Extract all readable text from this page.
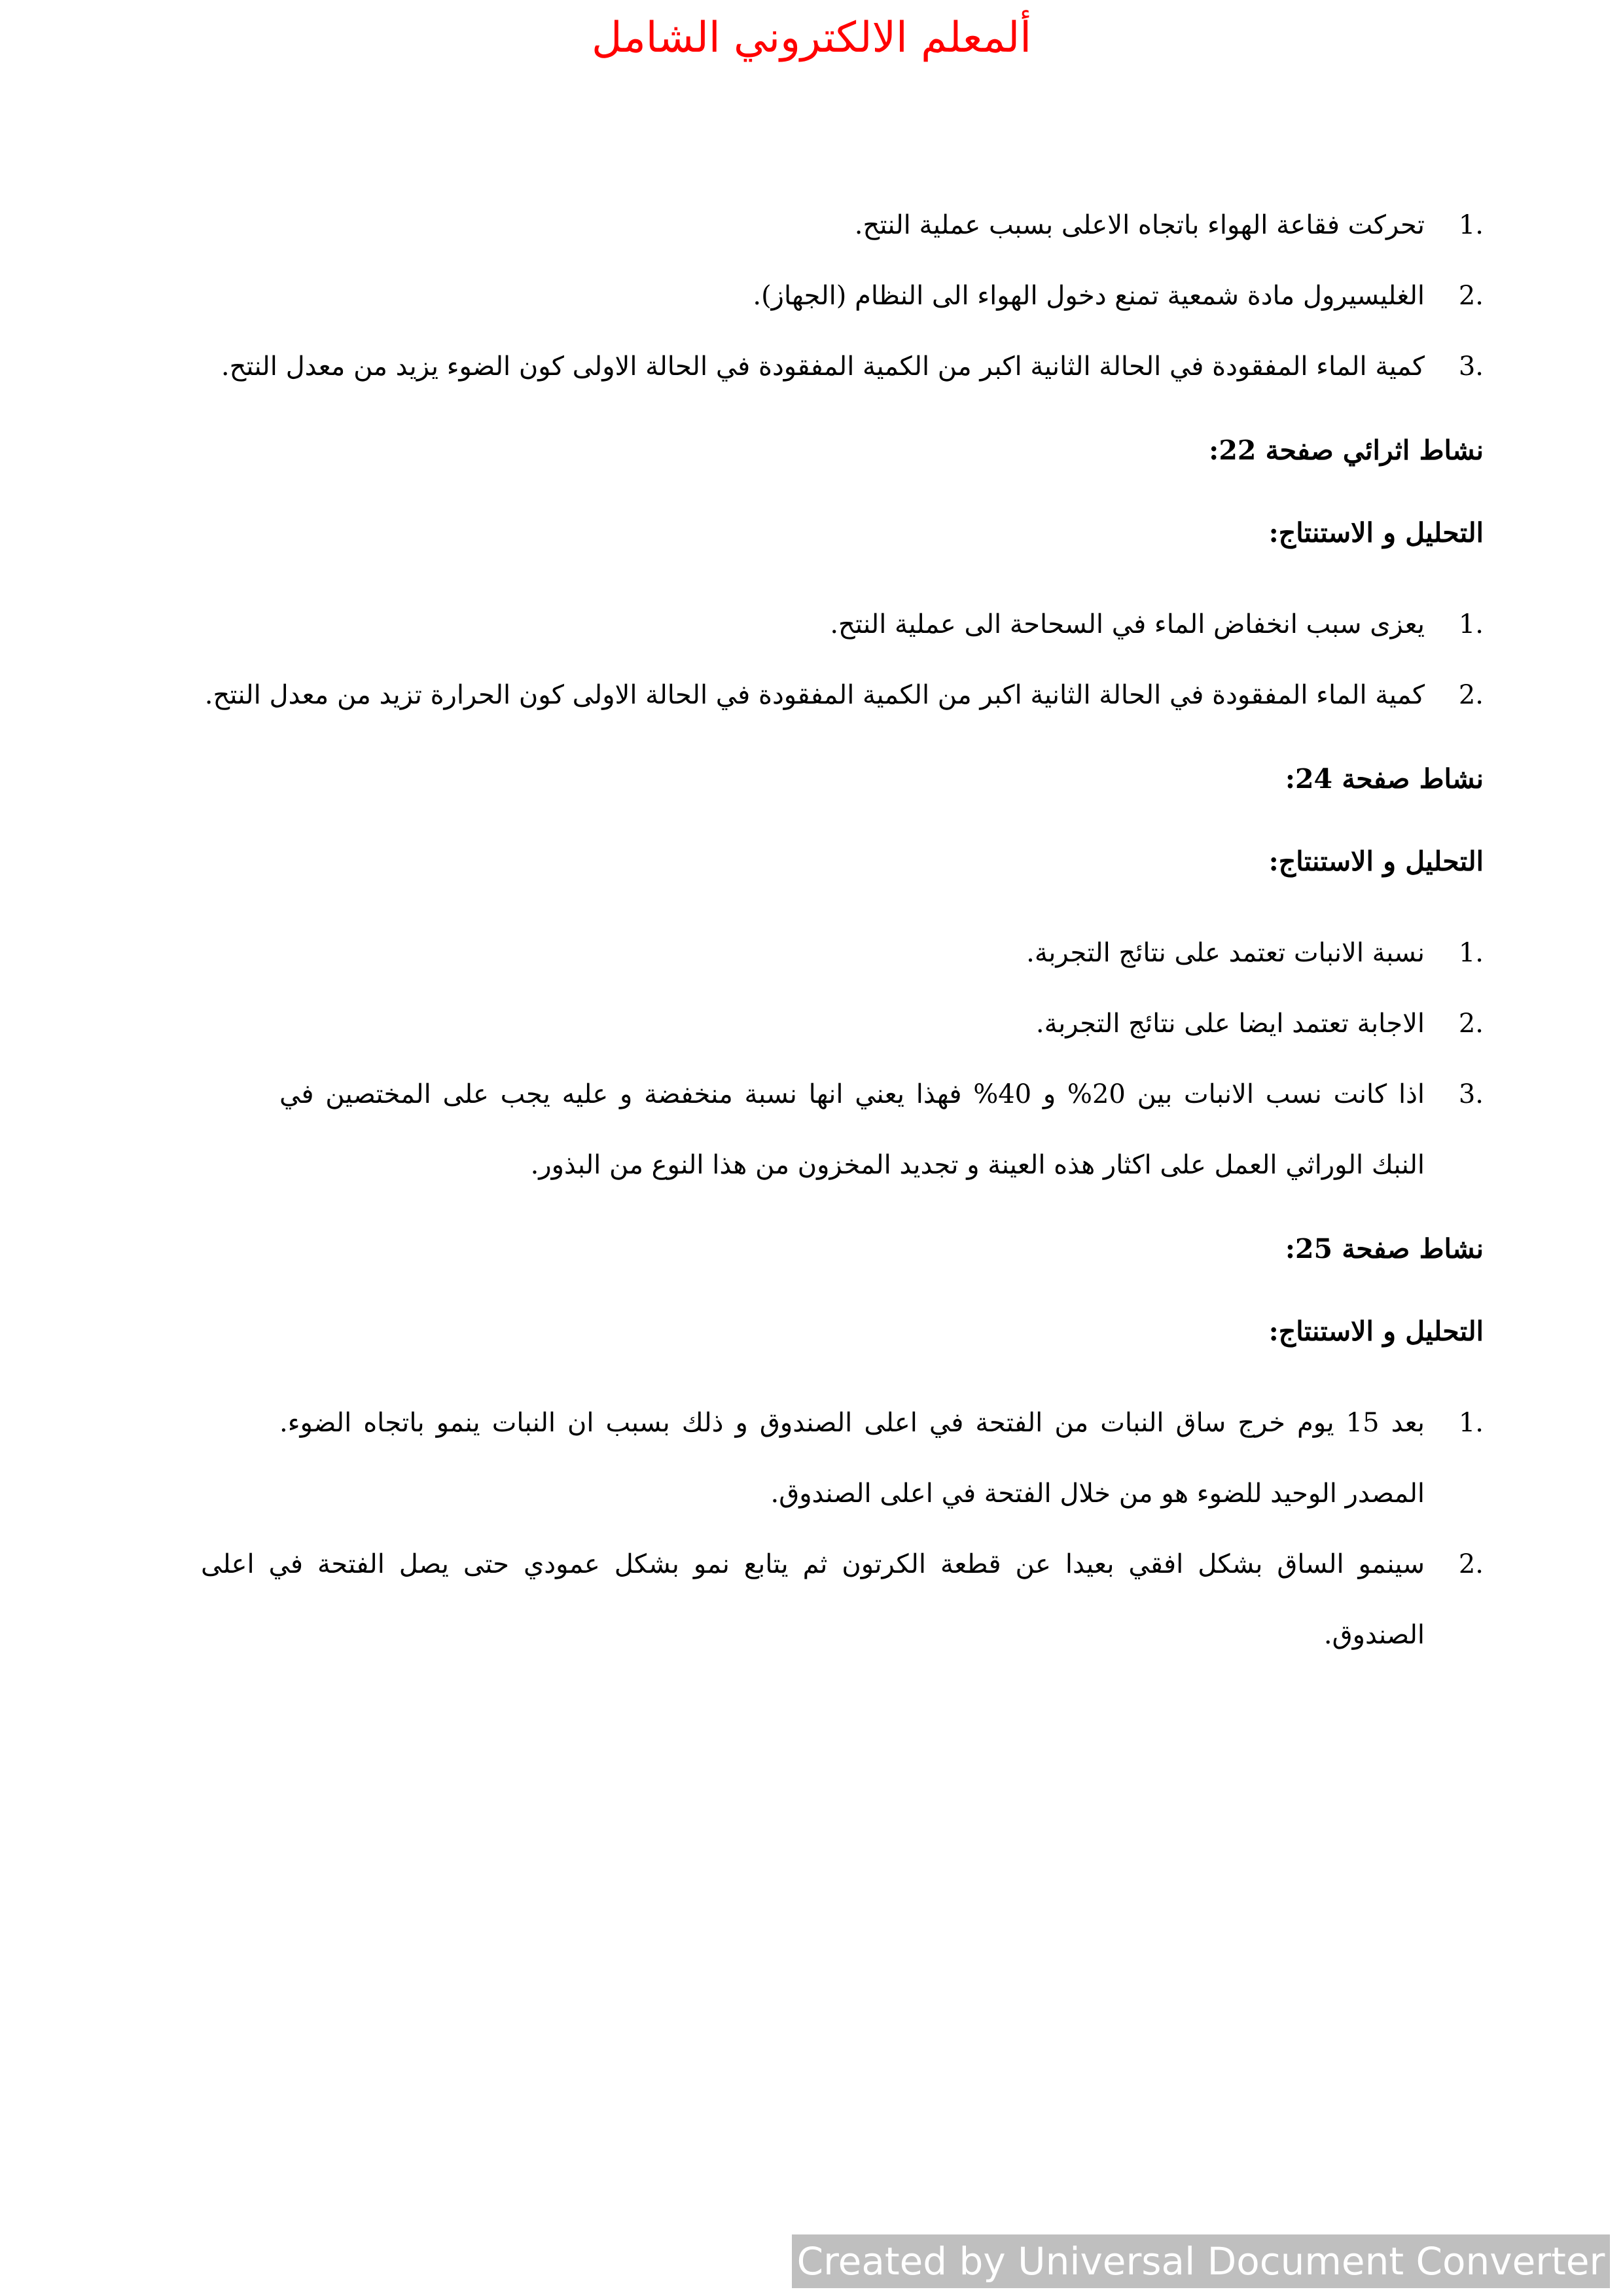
ألمعلم الالكتروني الشامل
1.
تحركت فقاعة الهواء باتجاه الاعلى بسبب عملية النتح.
2.
الغليسيرول مادة شمعية تمنع دخول الهواء الى النظام (الجهاز).
3.
كمية الماء المفقودة في الحالة الثانية اكبر من الكمية المفقودة في الحالة الاولى كون الضوء يزيد من معدل النتح.
نشاط اثرائي صفحة 22:
التحليل و الاستنتاج:
1.
يعزى سبب انخفاض الماء في السحاحة الى عملية النتح.
2.
كمية الماء المفقودة في الحالة الثانية اكبر من الكمية المفقودة في الحالة الاولى كون الحرارة تزيد من معدل النتح.
نشاط صفحة 24:
التحليل و الاستنتاج:
1.
نسبة الانبات تعتمد على نتائج التجربة.
2.
الاجابة تعتمد ايضا على نتائج التجربة.
3.
اذا كانت نسب الانبات بين 20% و 40% فهذا يعني انها نسبة منخفضة و عليه يجب على المختصين في النبك الوراثي العمل على اكثار هذه العينة و تجديد المخزون من هذا النوع من البذور.
نشاط صفحة 25:
التحليل و الاستنتاج:
1.
بعد 15 يوم خرج ساق النبات من الفتحة في اعلى الصندوق و ذلك بسبب ان النبات ينمو باتجاه الضوء. المصدر الوحيد للضوء هو من خلال الفتحة في اعلى الصندوق.
2.
سينمو الساق بشكل افقي بعيدا عن قطعة الكرتون ثم يتابع نمو بشكل عمودي حتى يصل الفتحة في اعلى الصندوق.
Created by Universal Document Converter
